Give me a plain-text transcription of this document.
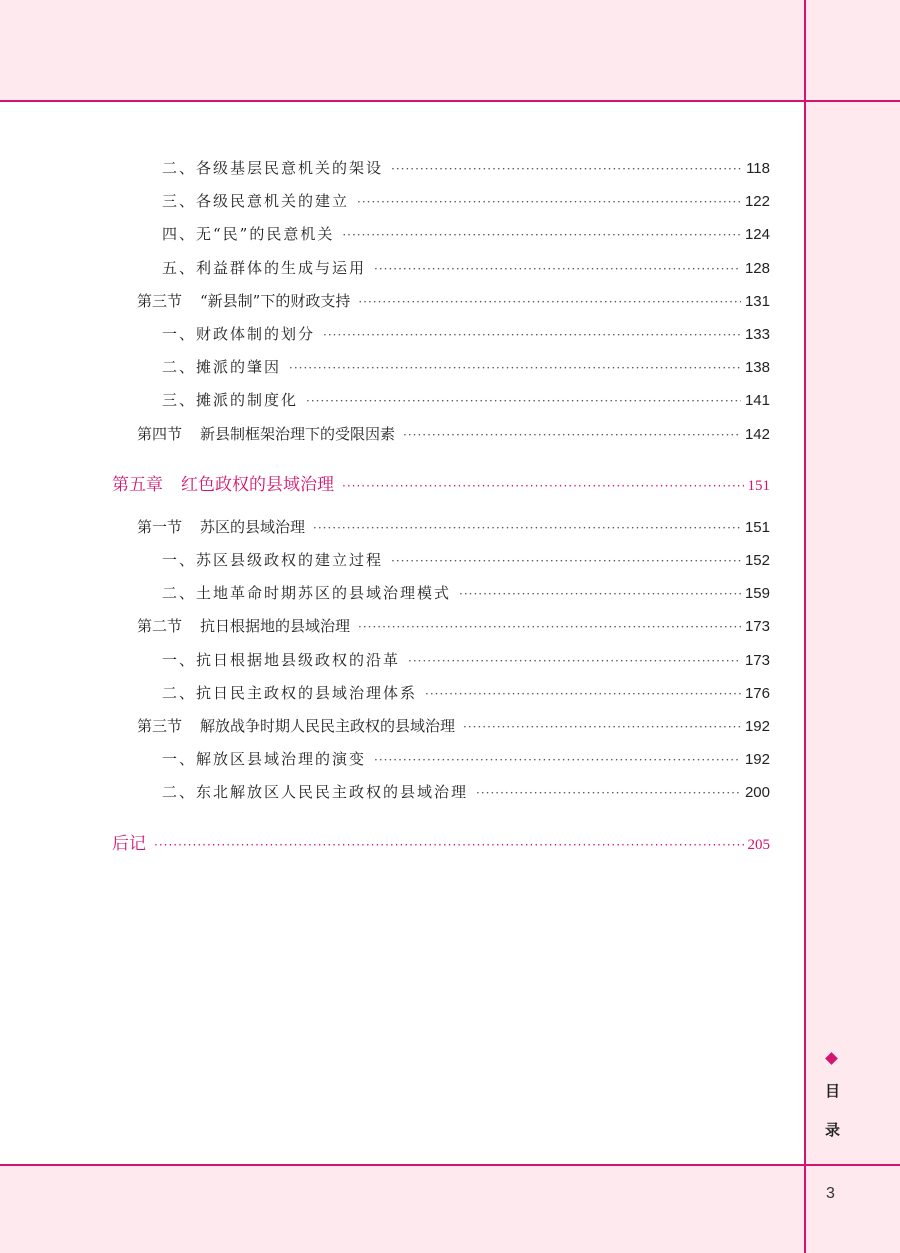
二、各级基层民意机关的架设 ·····	118
三、各级民意机关的建立 ·····	122
四、无“民”的民意机关 ·····	124
五、利益群体的生成与运用 ·····	128
第三节 “新县制”下的财政支持 ·····	131
一、财政体制的划分 ·····	133
二、摊派的肇因 ·····	138
三、摊派的制度化 ·····	141
第四节 新县制框架治理下的受限因素 ·····	142
第五章 红色政权的县域治理 ·····	151
第一节 苏区的县域治理 ·····	151
一、苏区县级政权的建立过程 ·····	152
二、土地革命时期苏区的县域治理模式 ·····	159
第二节 抗日根据地的县域治理 ·····	173
一、抗日根据地县级政权的沿革 ·····	173
二、抗日民主政权的县域治理体系 ·····	176
第三节 解放战争时期人民民主政权的县域治理 ·····	192
一、解放区县域治理的演变 ·····	192
二、东北解放区人民民主政权的县域治理 ·····	200
后记 ·····	205
目
录
3
